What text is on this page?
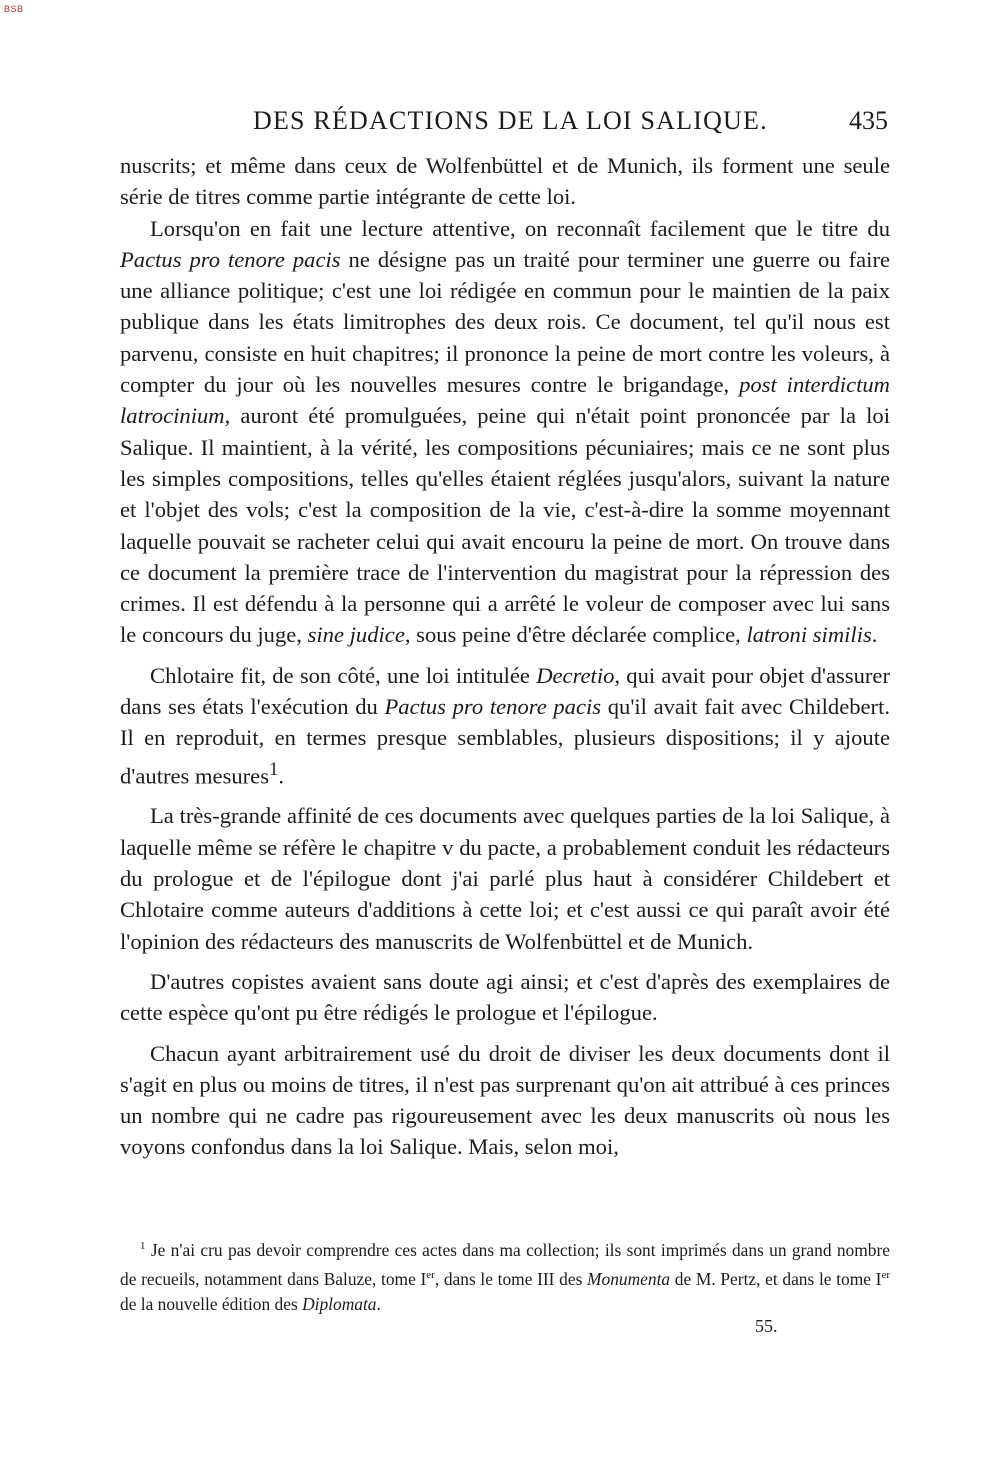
BSB
DES RÉDACTIONS DE LA LOI SALIQUE.	435

nuscrits; et même dans ceux de Wolfenbüttel et de Munich, ils forment une seule série de titres comme partie intégrante de cette loi.

Lorsqu'on en fait une lecture attentive, on reconnaît facilement que le titre du Pactus pro tenore pacis ne désigne pas un traité pour terminer une guerre ou faire une alliance politique; c'est une loi rédigée en commun pour le maintien de la paix publique dans les états limitrophes des deux rois. Ce document, tel qu'il nous est parvenu, consiste en huit chapitres; il prononce la peine de mort contre les voleurs, à compter du jour où les nouvelles mesures contre le brigandage, post interdictum latrocinium, auront été promulguées, peine qui n'était point prononcée par la loi Salique. Il maintient, à la vérité, les compositions pécuniaires; mais ce ne sont plus les simples compositions, telles qu'elles étaient réglées jusqu'alors, suivant la nature et l'objet des vols; c'est la composition de la vie, c'est-à-dire la somme moyennant laquelle pouvait se racheter celui qui avait encouru la peine de mort. On trouve dans ce document la première trace de l'intervention du magistrat pour la répression des crimes. Il est défendu à la personne qui a arrêté le voleur de composer avec lui sans le concours du juge, sine judice, sous peine d'être déclarée complice, latroni similis.

Chlotaire fit, de son côté, une loi intitulée Decretio, qui avait pour objet d'assurer dans ses états l'exécution du Pactus pro tenore pacis qu'il avait fait avec Childebert. Il en reproduit, en termes presque semblables, plusieurs dispositions; il y ajoute d'autres mesures$^1$.

La très-grande affinité de ces documents avec quelques parties de la loi Salique, à laquelle même se réfère le chapitre v du pacte, a probablement conduit les rédacteurs du prologue et de l'épilogue dont j'ai parlé plus haut à considérer Childebert et Chlotaire comme auteurs d'additions à cette loi; et c'est aussi ce qui paraît avoir été l'opinion des rédacteurs des manuscrits de Wolfenbüttel et de Munich.

D'autres copistes avaient sans doute agi ainsi; et c'est d'après des exemplaires de cette espèce qu'ont pu être rédigés le prologue et l'épilogue.

Chacun ayant arbitrairement usé du droit de diviser les deux documents dont il s'agit en plus ou moins de titres, il n'est pas surprenant qu'on ait attribué à ces princes un nombre qui ne cadre pas rigoureusement avec les deux manuscrits où nous les voyons confondus dans la loi Salique. Mais, selon moi,

$^1$ Je n'ai cru pas devoir comprendre ces actes dans ma collection; ils sont imprimés dans un grand nombre de recueils, notamment dans Baluze, tome Ier, dans le tome III des Monumenta de M. Pertz, et dans le tome Ier de la nouvelle édition des Diplomata.

55.
